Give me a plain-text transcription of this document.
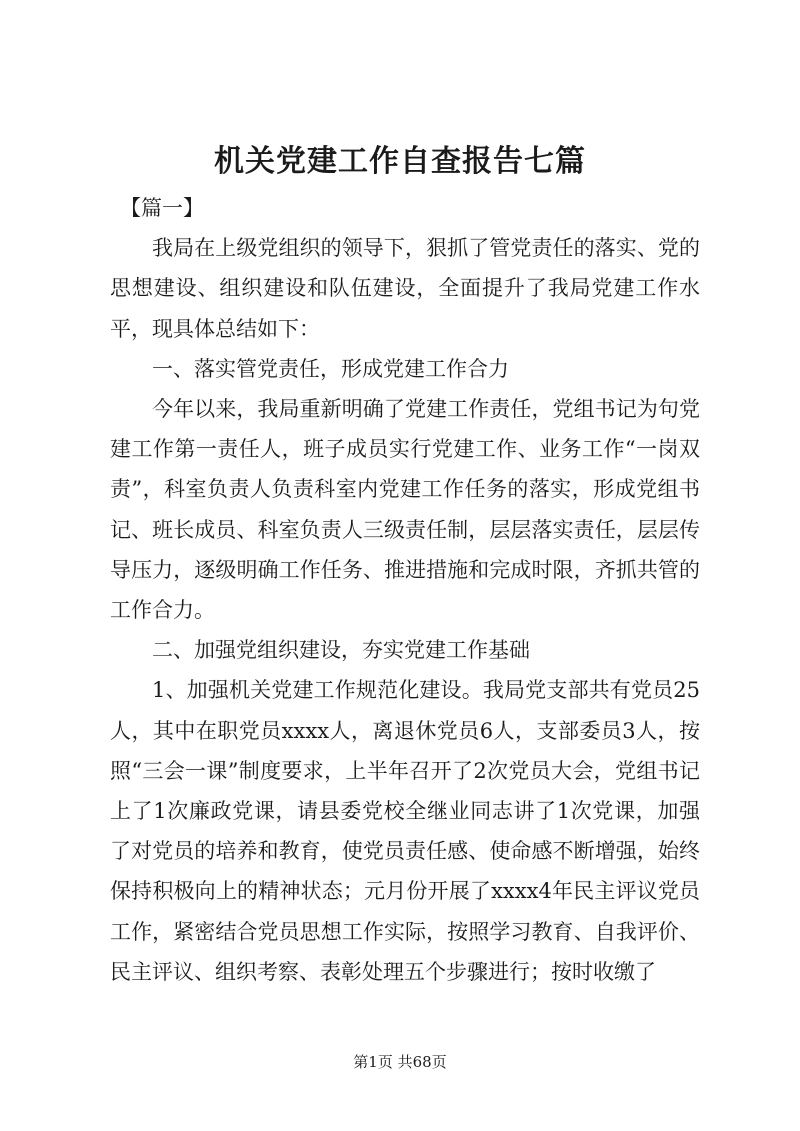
机关党建工作自查报告七篇

【篇一】

我局在上级党组织的领导下，狠抓了管党责任的落实、党的思想建设、组织建设和队伍建设，全面提升了我局党建工作水平，现具体总结如下：

一、落实管党责任，形成党建工作合力

今年以来，我局重新明确了党建工作责任，党组书记为句党建工作第一责任人，班子成员实行党建工作、业务工作“一岗双责”，科室负责人负责科室内党建工作任务的落实，形成党组书记、班长成员、科室负责人三级责任制，层层落实责任，层层传导压力，逐级明确工作任务、推进措施和完成时限，齐抓共管的工作合力。

二、加强党组织建设，夯实党建工作基础

1、加强机关党建工作规范化建设。我局党支部共有党员25人，其中在职党员xxxx人，离退休党员6人，支部委员3人，按照“三会一课”制度要求，上半年召开了2次党员大会，党组书记上了1次廉政党课，请县委党校全继业同志讲了1次党课，加强了对党员的培养和教育，使党员责任感、使命感不断增强，始终保持积极向上的精神状态；元月份开展了xxxx4年民主评议党员工作，紧密结合党员思想工作实际，按照学习教育、自我评价、民主评议、组织考察、表彰处理五个步骤进行；按时收缴了

第1页 共68页
